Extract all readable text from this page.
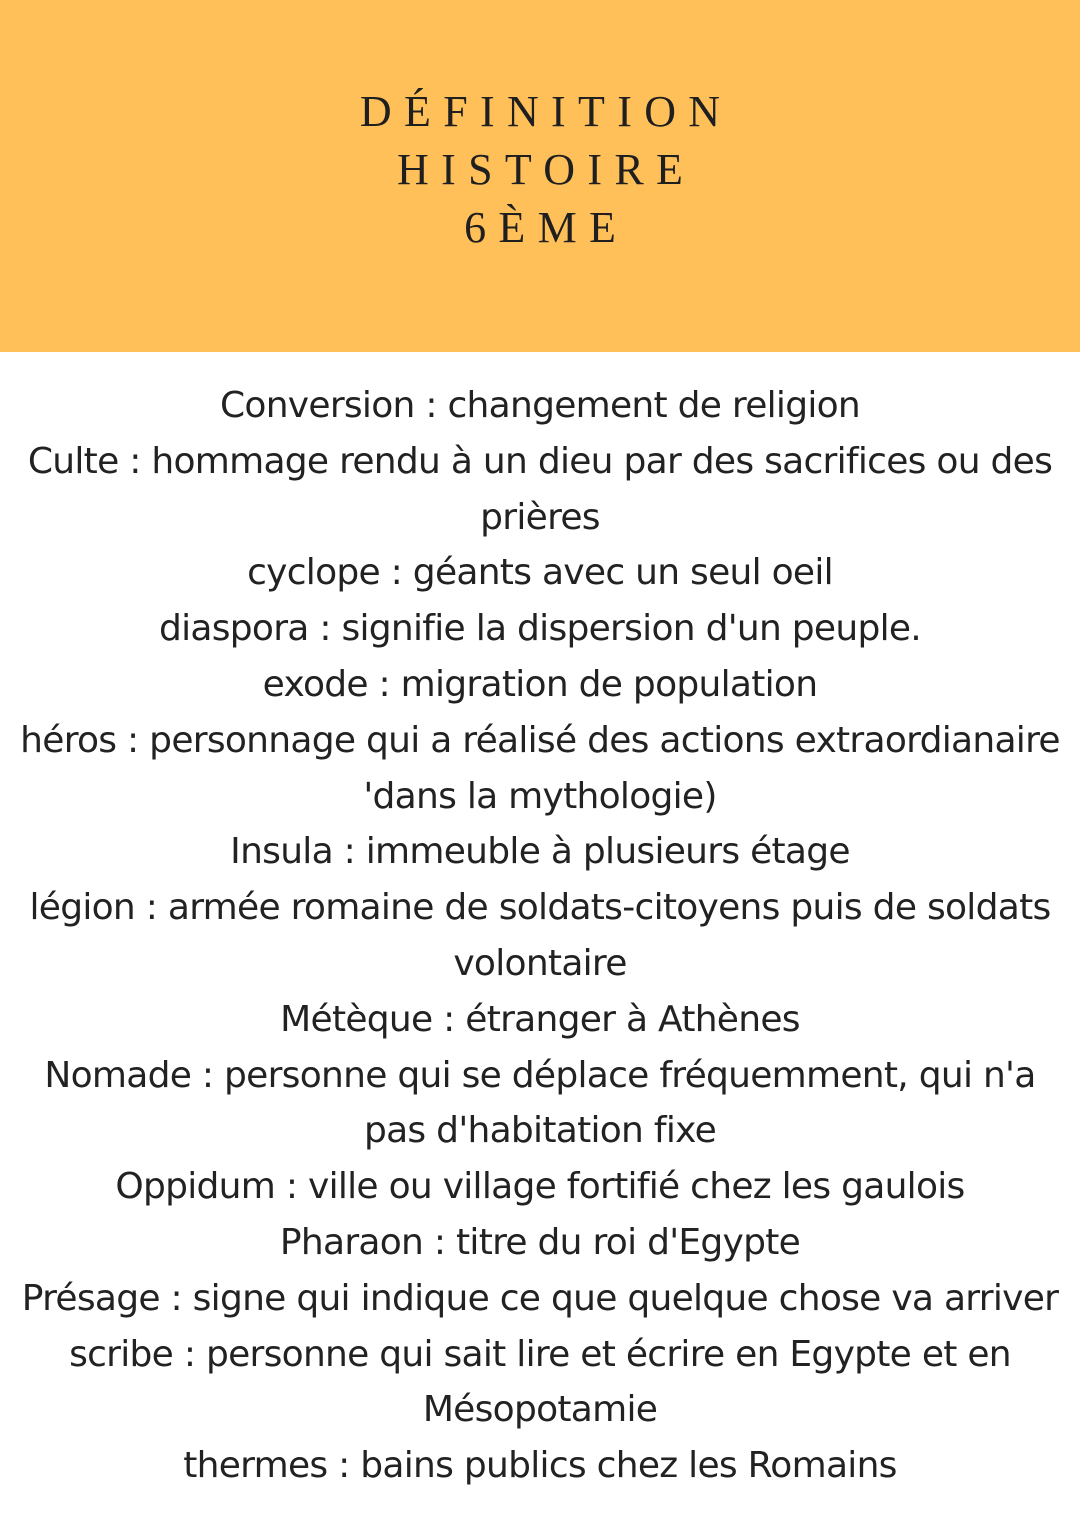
DÉFINITION
HISTOIRE
6ÈME
Conversion : changement de religion
Culte : hommage rendu à un dieu par des sacrifices ou des
prières
cyclope : géants avec un seul oeil
diaspora : signifie la dispersion d'un peuple.
exode : migration de population
héros : personnage qui a réalisé des actions extraordianaire
'dans la mythologie)
Insula : immeuble à plusieurs étage
légion : armée romaine de soldats-citoyens puis de soldats
volontaire
Métèque : étranger à Athènes
Nomade : personne qui se déplace fréquemment, qui n'a
pas d'habitation fixe
Oppidum : ville ou village fortifié chez les gaulois
Pharaon : titre du roi d'Egypte
Présage : signe qui indique ce que quelque chose va arriver
scribe : personne qui sait lire et écrire en Egypte et en
Mésopotamie
thermes : bains publics chez les Romains
